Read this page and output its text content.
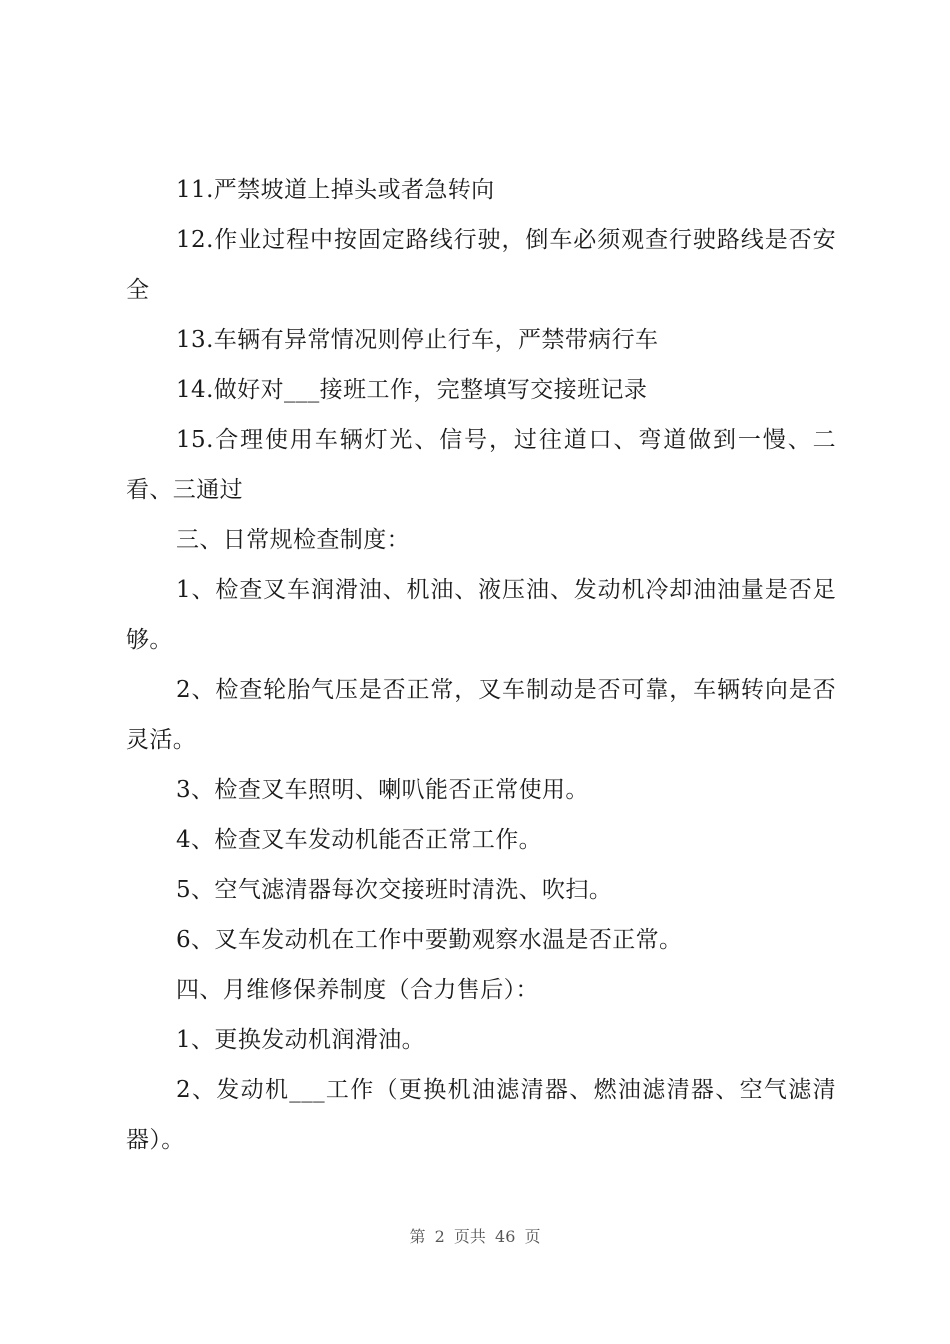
11.严禁坡道上掉头或者急转向

12.作业过程中按固定路线行驶，倒车必须观查行驶路线是否安全

13.车辆有异常情况则停止行车，严禁带病行车

14.做好对___接班工作，完整填写交接班记录

15.合理使用车辆灯光、信号，过往道口、弯道做到一慢、二看、三通过

三、日常规检查制度：

1、检查叉车润滑油、机油、液压油、发动机冷却油油量是否足够。

2、检查轮胎气压是否正常，叉车制动是否可靠，车辆转向是否灵活。

3、检查叉车照明、喇叭能否正常使用。

4、检查叉车发动机能否正常工作。

5、空气滤清器每次交接班时清洗、吹扫。

6、叉车发动机在工作中要勤观察水温是否正常。

四、月维修保养制度（合力售后）：

1、更换发动机润滑油。

2、发动机___工作（更换机油滤清器、燃油滤清器、空气滤清器）。

第 2 页共 46 页
